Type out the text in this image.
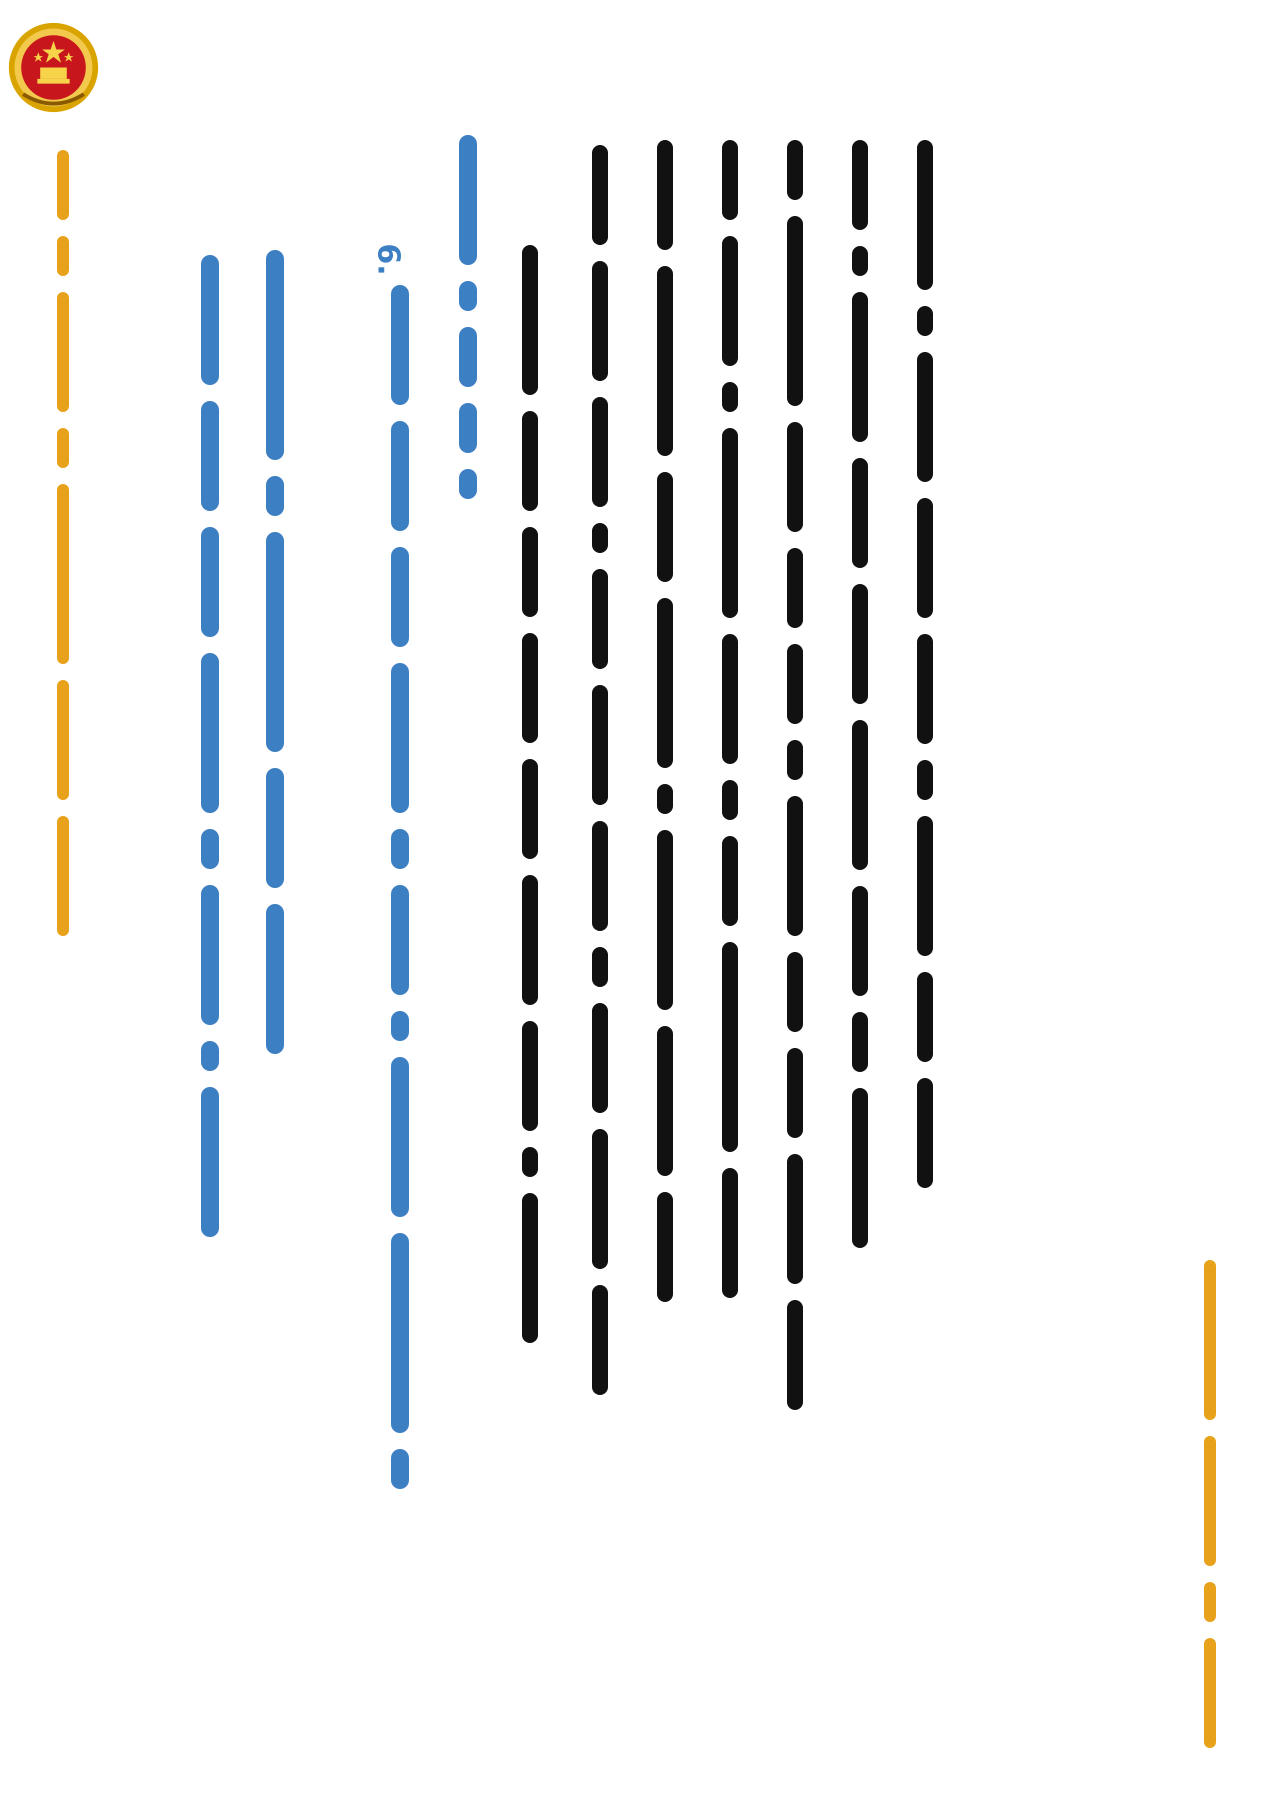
6.
